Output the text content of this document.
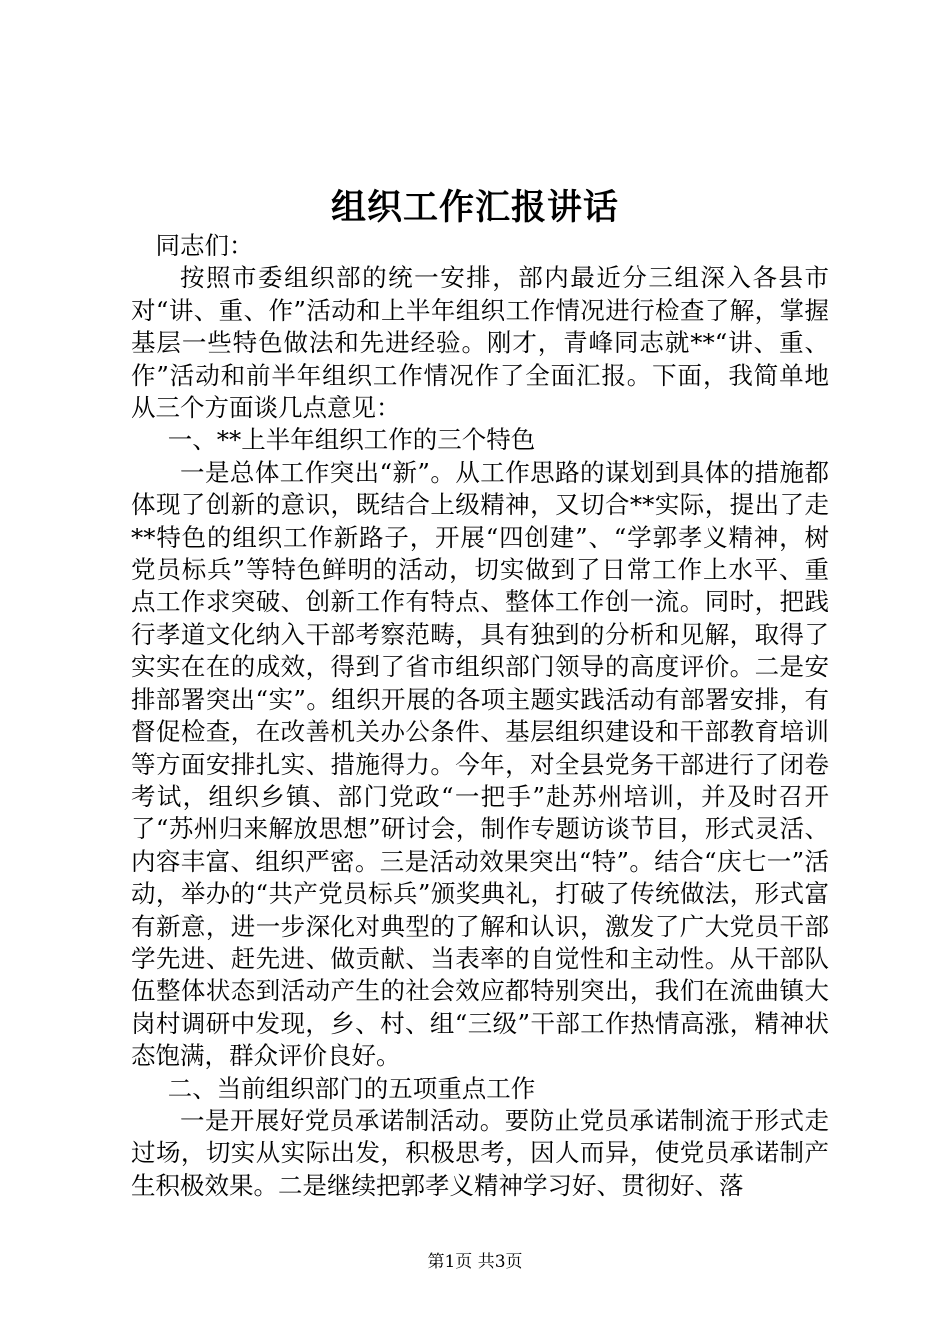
组织工作汇报讲话

同志们：

按照市委组织部的统一安排，部内最近分三组深入各县市对“讲、重、作”活动和上半年组织工作情况进行检查了解，掌握基层一些特色做法和先进经验。刚才，青峰同志就**“讲、重、作”活动和前半年组织工作情况作了全面汇报。下面，我简单地从三个方面谈几点意见：

一、**上半年组织工作的三个特色

一是总体工作突出“新”。从工作思路的谋划到具体的措施都体现了创新的意识，既结合上级精神，又切合**实际，提出了走**特色的组织工作新路子，开展“四创建”、“学郭孝义精神，树党员标兵”等特色鲜明的活动，切实做到了日常工作上水平、重点工作求突破、创新工作有特点、整体工作创一流。同时，把践行孝道文化纳入干部考察范畴，具有独到的分析和见解，取得了实实在在的成效，得到了省市组织部门领导的高度评价。二是安排部署突出“实”。组织开展的各项主题实践活动有部署安排，有督促检查，在改善机关办公条件、基层组织建设和干部教育培训等方面安排扎实、措施得力。今年，对全县党务干部进行了闭卷考试，组织乡镇、部门党政“一把手”赴苏州培训，并及时召开了“苏州归来解放思想”研讨会，制作专题访谈节目，形式灵活、内容丰富、组织严密。三是活动效果突出“特”。结合“庆七一”活动，举办的“共产党员标兵”颁奖典礼，打破了传统做法，形式富有新意，进一步深化对典型的了解和认识，激发了广大党员干部学先进、赶先进、做贡献、当表率的自觉性和主动性。从干部队伍整体状态到活动产生的社会效应都特别突出，我们在流曲镇大岗村调研中发现，乡、村、组“三级”干部工作热情高涨，精神状态饱满，群众评价良好。

二、当前组织部门的五项重点工作

一是开展好党员承诺制活动。要防止党员承诺制流于形式走过场，切实从实际出发，积极思考，因人而异，使党员承诺制产生积极效果。二是继续把郭孝义精神学习好、贯彻好、落

第1页 共3页
